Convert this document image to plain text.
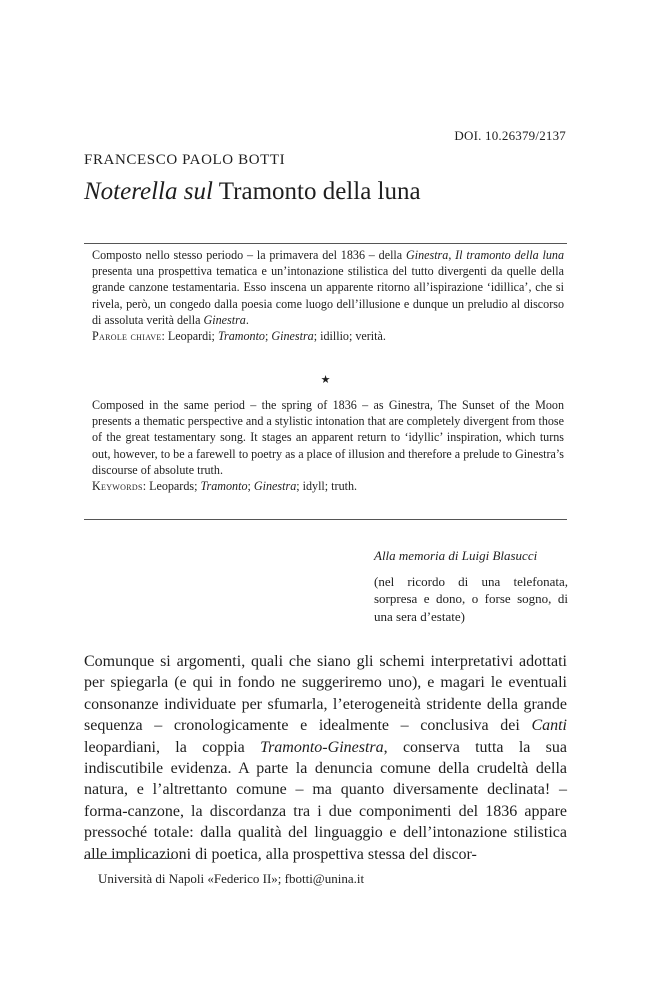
DOI. 10.26379/2137
FRANCESCO PAOLO BOTTI
Noterella sul Tramonto della luna

Composto nello stesso periodo – la primavera del 1836 – della Ginestra, Il tramonto della luna presenta una prospettiva tematica e un’intonazione stilistica del tutto divergenti da quelle della grande canzone testamentaria. Esso inscena un apparente ritorno all’ispirazione ‘idillica’, che si rivela, però, un congedo dalla poesia come luogo dell’illusione e dunque un preludio al discorso di assoluta verità della Ginestra.

Parole chiave: Leopardi; Tramonto; Ginestra; idillio; verità.

★

Composed in the same period – the spring of 1836 – as Ginestra, The Sunset of the Moon presents a thematic perspective and a stylistic intonation that are completely divergent from those of the great testamentary song. It stages an apparent return to ‘idyllic’ inspiration, which turns out, however, to be a farewell to poetry as a place of illusion and therefore a prelude to Ginestra’s discourse of absolute truth.

Keywords: Leopards; Tramonto; Ginestra; idyll; truth.

Alla memoria di Luigi Blasucci
(nel ricordo di una telefonata, sorpresa e dono, o forse sogno, di una sera d’estate)

Comunque si argomenti, quali che siano gli schemi interpretativi adottati per spiegarla (e qui in fondo ne suggeriremo uno), e magari le eventuali consonanze individuate per sfumarla, l’eterogeneità stridente della grande sequenza – cronologicamente e idealmente – conclusiva dei Canti leopardiani, la coppia Tramonto-Ginestra, conserva tutta la sua indiscutibile evidenza. A parte la denuncia comune della crudeltà della natura, e l’altrettanto comune – ma quanto diversamente declinata! – forma-canzone, la discordanza tra i due componimenti del 1836 appare pressoché totale: dalla qualità del linguaggio e dell’intonazione stilistica alle implicazioni di poetica, alla prospettiva stessa del discor-

Università di Napoli «Federico II»; fbotti@unina.it
